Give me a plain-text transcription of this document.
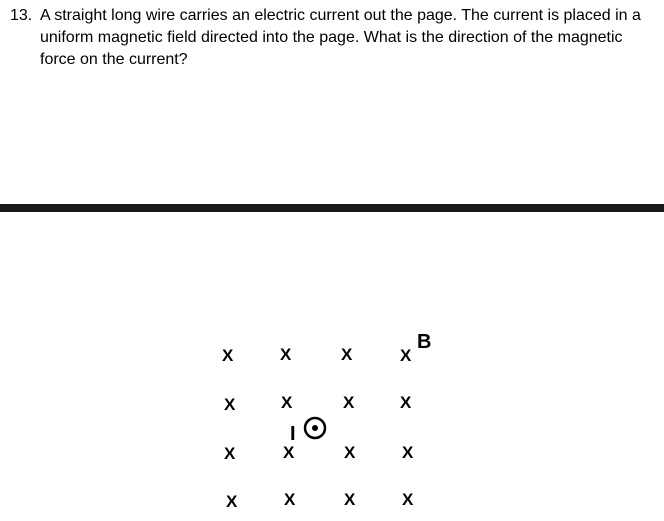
13. A straight long wire carries an electric current out the page. The current is placed in a uniform magnetic field directed into the page. What is the direction of the magnetic force on the current?
X	X	X	X
B
X	X	X	X
I
X	X	X	X
X	X	X	X
